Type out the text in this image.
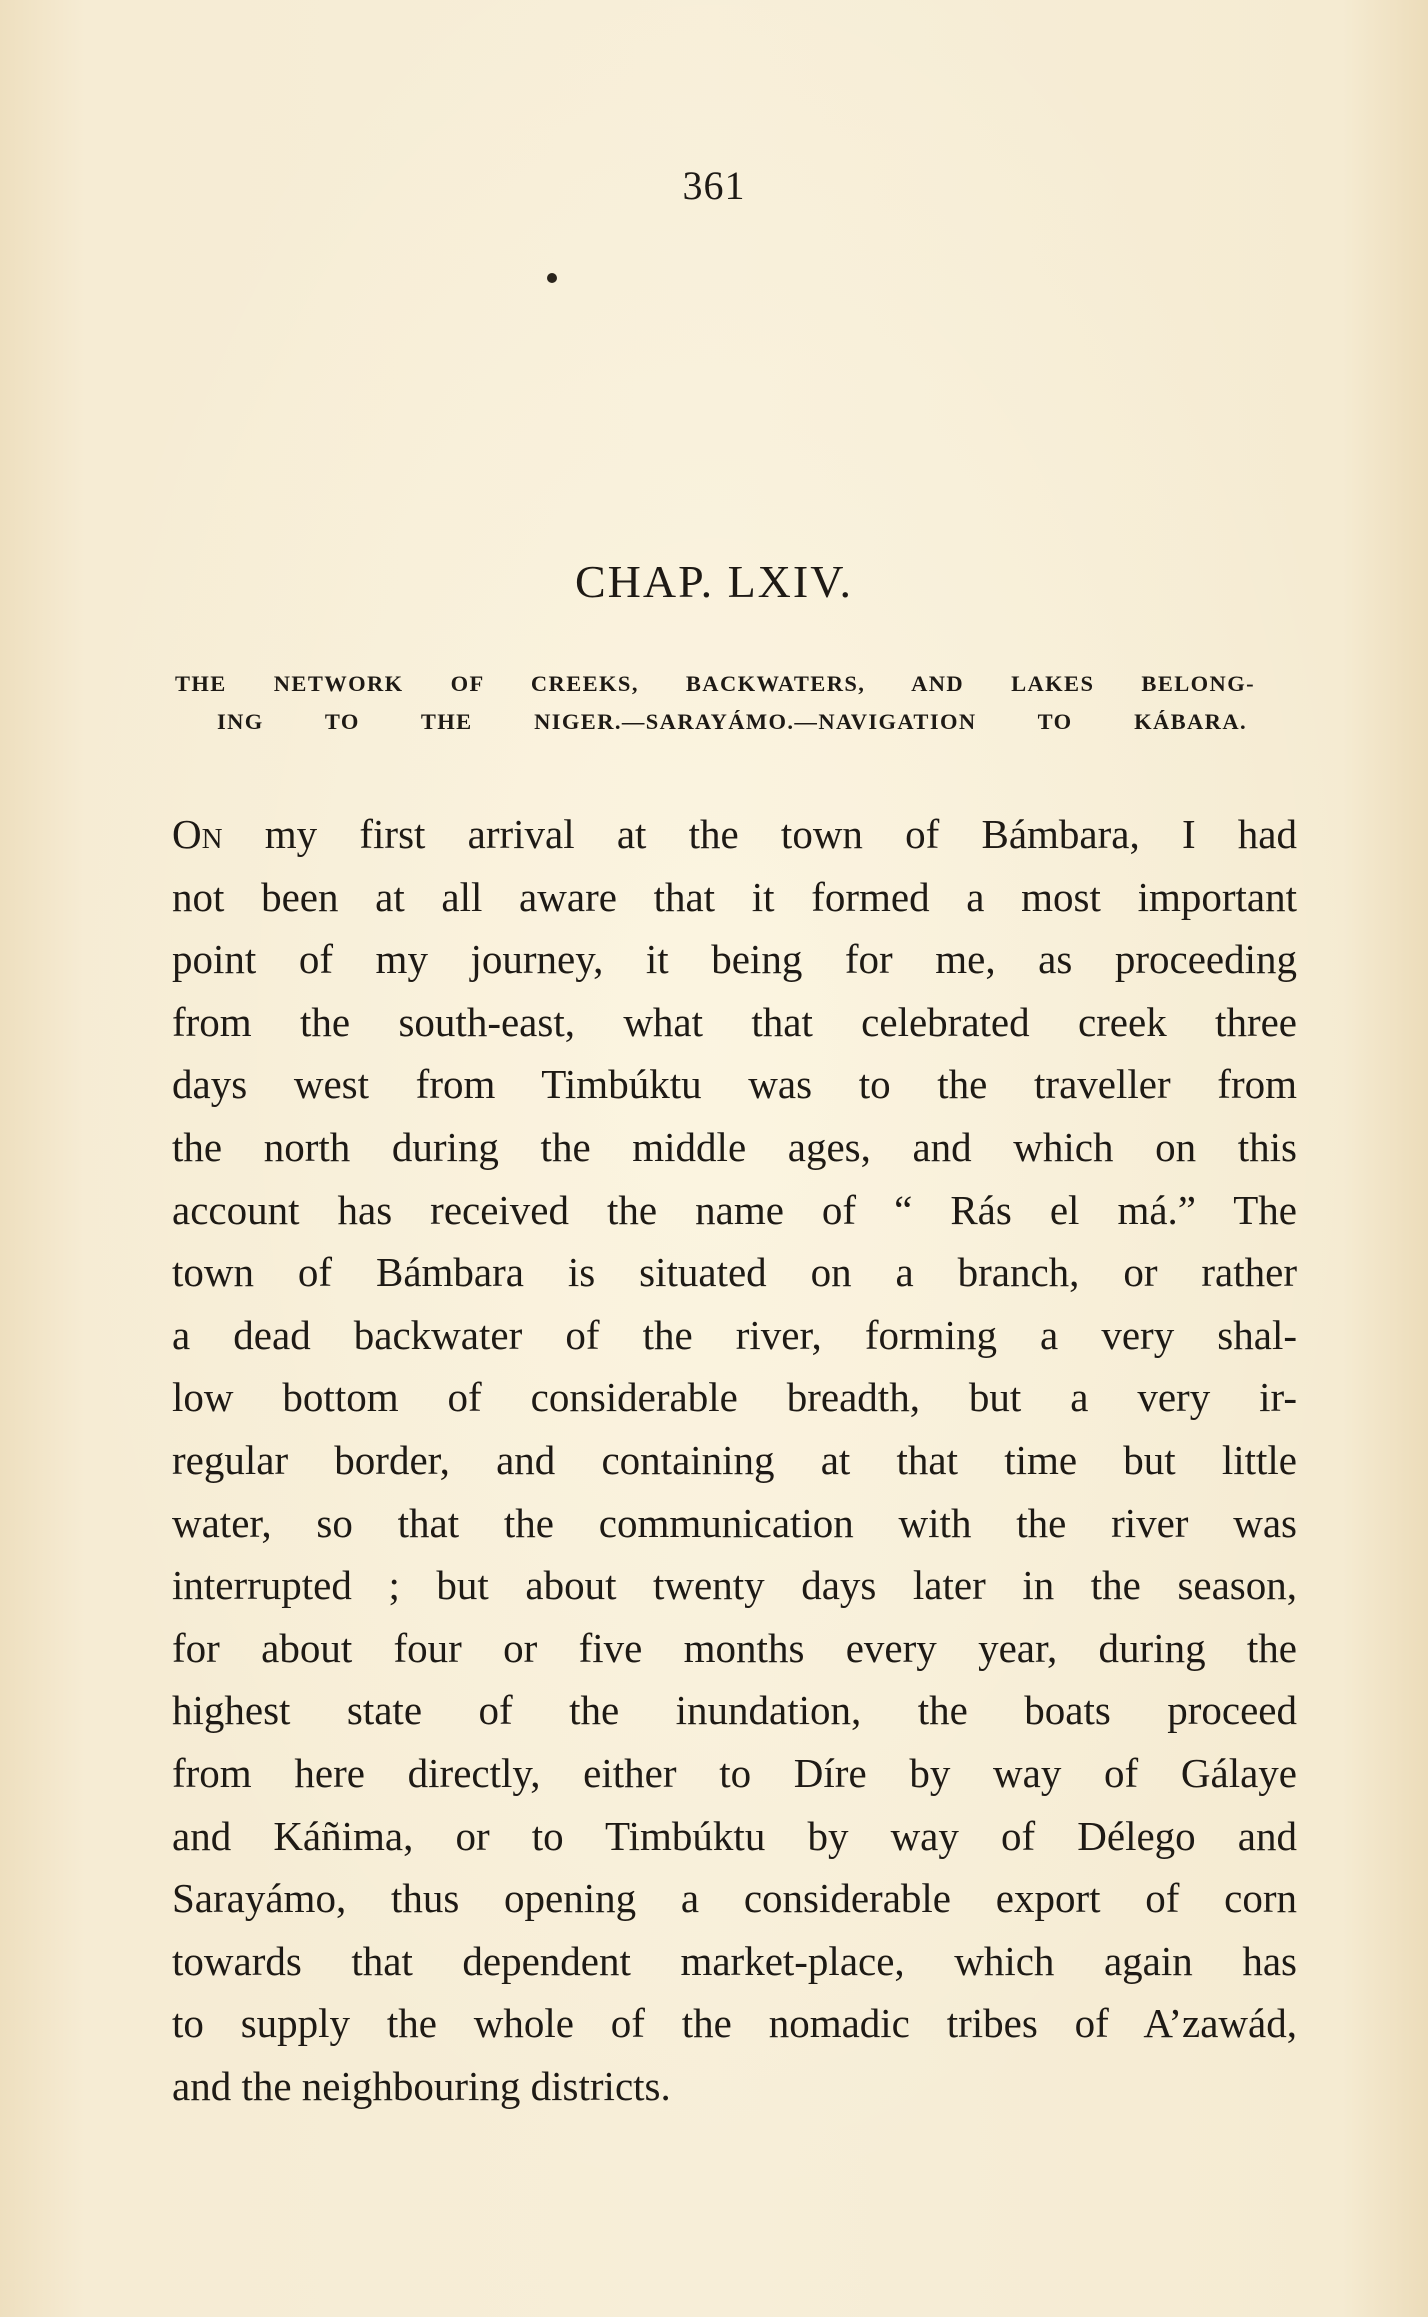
361
CHAP. LXIV.
THE NETWORK OF CREEKS, BACKWATERS, AND LAKES BELONG-
ING TO THE NIGER.—SARAYÁMO.—NAVIGATION TO KÁBARA.
On my first arrival at the town of Bámbara, I had
not been at all aware that it formed a most important
point of my journey, it being for me, as proceeding
from the south-east, what that celebrated creek three
days west from Timbúktu was to the traveller from
the north during the middle ages, and which on this
account has received the name of “ Rás el má.” The
town of Bámbara is situated on a branch, or rather
a dead backwater of the river, forming a very shal-
low bottom of considerable breadth, but a very ir-
regular border, and containing at that time but little
water, so that the communication with the river was
interrupted ; but about twenty days later in the season,
for about four or five months every year, during the
highest state of the inundation, the boats proceed
from here directly, either to Díre by way of Gálaye
and Káñima, or to Timbúktu by way of Délego and
Sarayámo, thus opening a considerable export of corn
towards that dependent market-place, which again has
to supply the whole of the nomadic tribes of A’zawád,
and the neighbouring districts.
